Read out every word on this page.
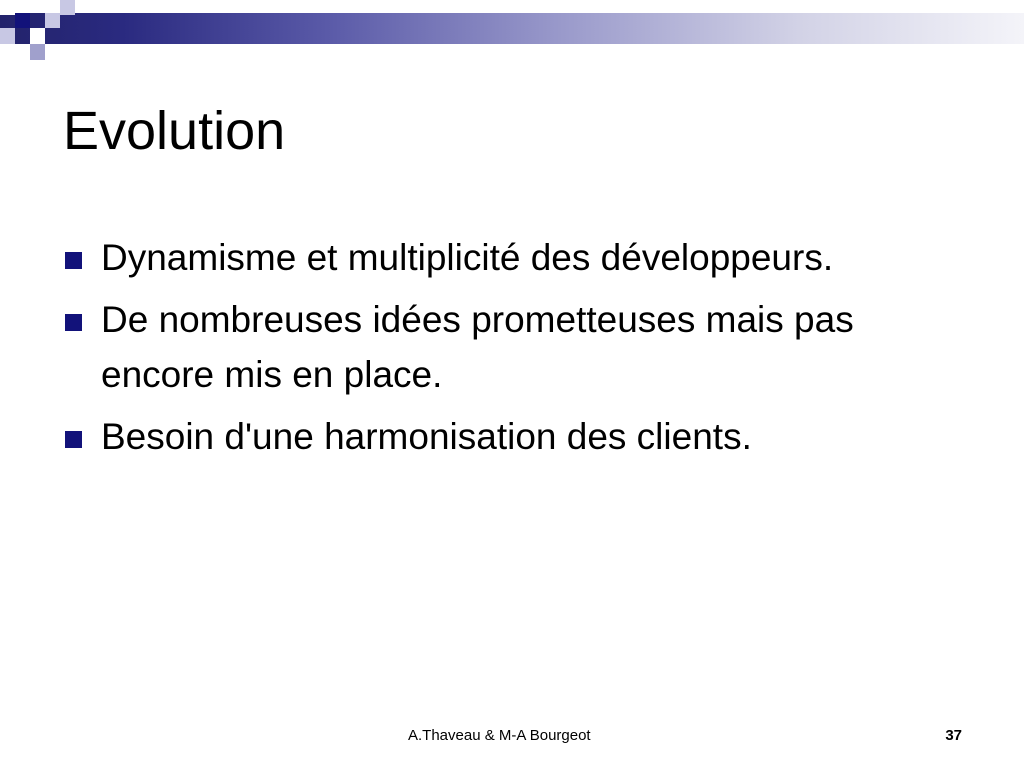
Evolution
Dynamisme et multiplicité des développeurs.
De nombreuses idées prometteuses mais pas encore mis en place.
Besoin d'une harmonisation des clients.
A.Thaveau & M-A Bourgeot	37
